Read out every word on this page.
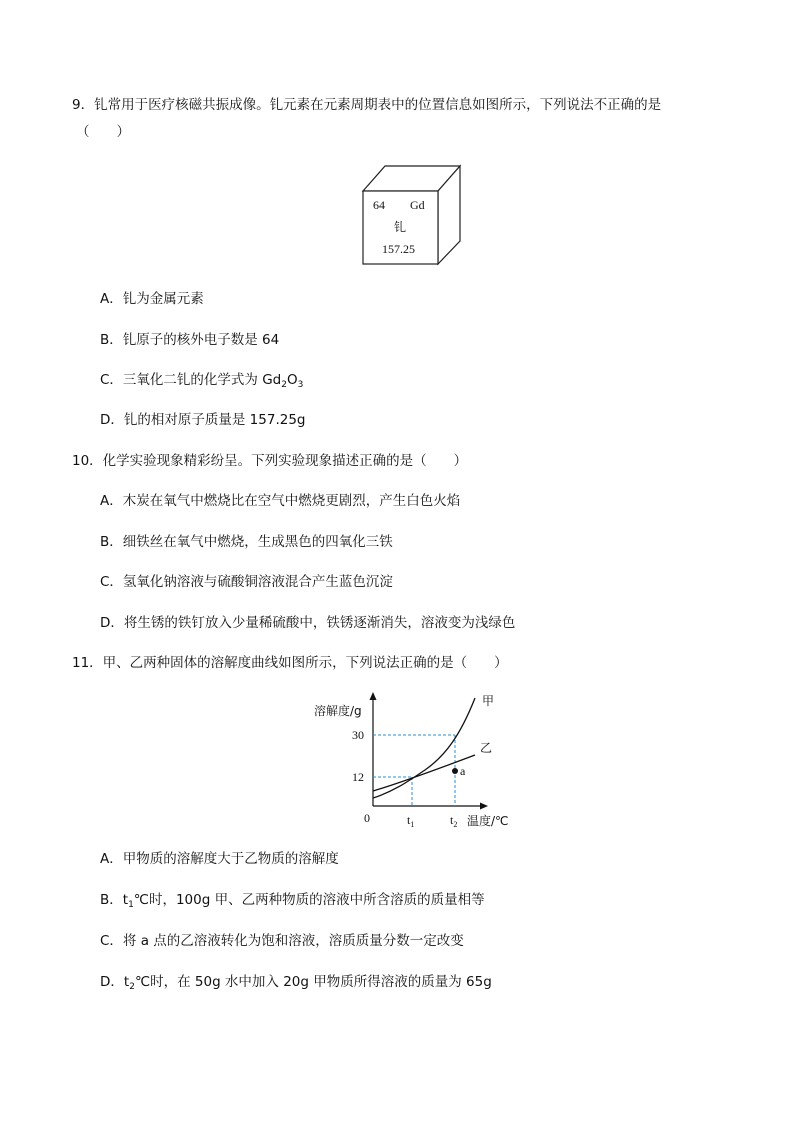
9．钆常用于医疗核磁共振成像。钆元素在元素周期表中的位置信息如图所示，下列说法不正确的是
（　　）
64 Gd
钆
157.25
A．钆为金属元素
B．钆原子的核外电子数是 64
C．三氧化二钆的化学式为 $Gd_2O_3$
D．钆的相对原子质量是 157.25g
10．化学实验现象精彩纷呈。下列实验现象描述正确的是（　　）
A．木炭在氧气中燃烧比在空气中燃烧更剧烈，产生白色火焰
B．细铁丝在氧气中燃烧，生成黑色的四氧化三铁
C．氢氧化钠溶液与硫酸铜溶液混合产生蓝色沉淀
D．将生锈的铁钉放入少量稀硫酸中，铁锈逐渐消失，溶液变为浅绿色
11．甲、乙两种固体的溶解度曲线如图所示，下列说法正确的是（　　）
溶解度/g
30
12
0	$t_1$	$t_2$ 温度/℃
甲
乙
a
A．甲物质的溶解度大于乙物质的溶解度
B．$t_1℃$时，100g 甲、乙两种物质的溶液中所含溶质的质量相等
C．将 a 点的乙溶液转化为饱和溶液，溶质质量分数一定改变
D．$t_2℃$时，在 50g 水中加入 20g 甲物质所得溶液的质量为 65g
